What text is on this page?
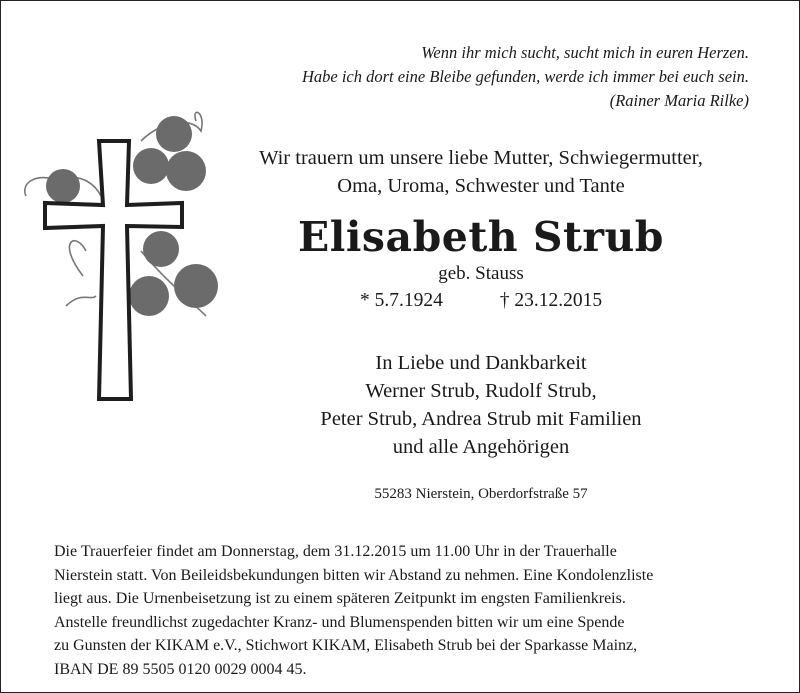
Wenn ihr mich sucht, sucht mich in euren Herzen.
Habe ich dort eine Bleibe gefunden, werde ich immer bei euch sein.
(Rainer Maria Rilke)
Wir trauern um unsere liebe Mutter, Schwiegermutter,
Oma, Uroma, Schwester und Tante
Elisabeth Strub
geb. Stauss
* 5.7.1924	† 23.12.2015
In Liebe und Dankbarkeit
Werner Strub, Rudolf Strub,
Peter Strub, Andrea Strub mit Familien
und alle Angehörigen
55283 Nierstein, Oberdorfstraße 57
Die Trauerfeier findet am Donnerstag, dem 31.12.2015 um 11.00 Uhr in der Trauerhalle
Nierstein statt. Von Beileidsbekundungen bitten wir Abstand zu nehmen. Eine Kondolenzliste
liegt aus. Die Urnenbeisetzung ist zu einem späteren Zeitpunkt im engsten Familienkreis.
Anstelle freundlichst zugedachter Kranz- und Blumenspenden bitten wir um eine Spende
zu Gunsten der KIKAM e.V., Stichwort KIKAM, Elisabeth Strub bei der Sparkasse Mainz,
IBAN DE 89 5505 0120 0029 0004 45.
